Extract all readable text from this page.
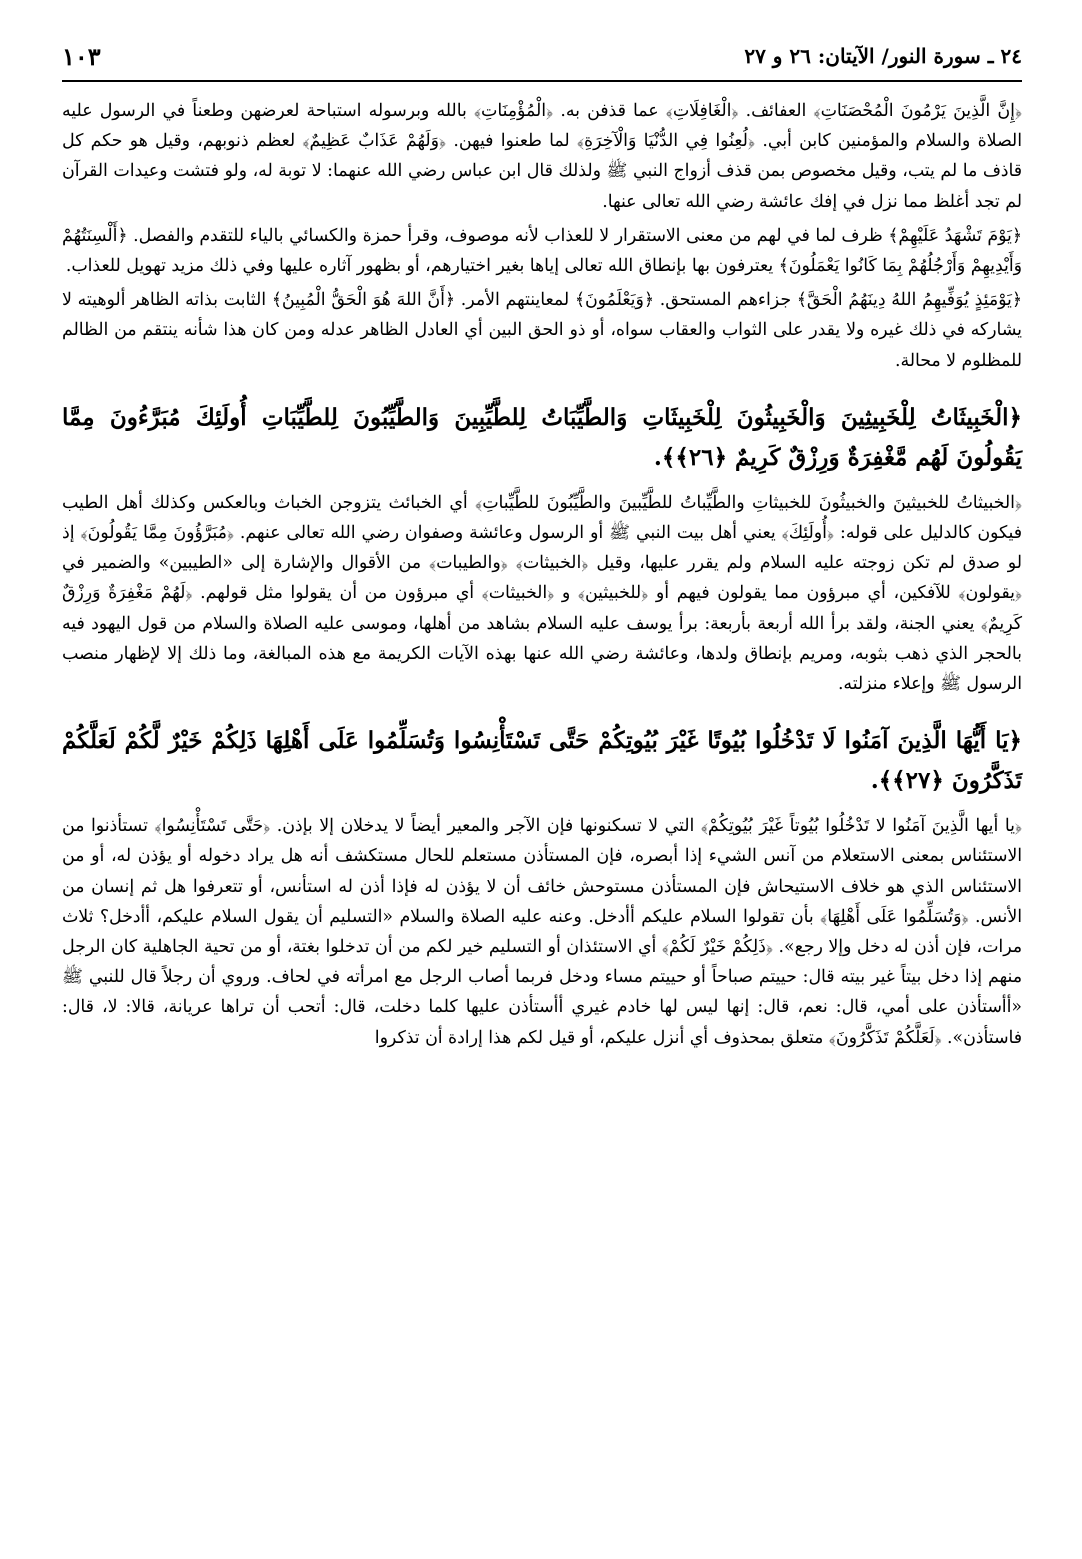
٢٤ ـ سورة النور/ الآيتان: ٢٦ و ٢٧
١٠٣

﴿إِنَّ الَّذِينَ يَرْمُونَ الْمُحْصَنَاتِ﴾ العفائف. ﴿الْغَافِلَاتِ﴾ عما قذفن به. ﴿الْمُؤْمِنَاتِ﴾ بالله وبرسوله استباحة لعرضهن وطعناً في الرسول عليه الصلاة والسلام والمؤمنين كابن أبي. ﴿لُعِنُوا فِي الدُّنْيَا وَالْآخِرَةِ﴾ لما طعنوا فيهن. ﴿وَلَهُمْ عَذَابٌ عَظِيمٌ﴾ لعظم ذنوبهم، وقيل هو حكم كل قاذف ما لم يتب، وقيل مخصوص بمن قذف أزواج النبي ﷺ ولذلك قال ابن عباس رضي الله عنهما: لا توبة له، ولو فتشت وعيدات القرآن لم تجد أغلظ مما نزل في إفك عائشة رضي الله تعالى عنها.

﴿يَوْمَ تَشْهَدُ عَلَيْهِمْ﴾ ظرف لما في لهم من معنى الاستقرار لا للعذاب لأنه موصوف، وقرأ حمزة والكسائي بالياء للتقدم والفصل. ﴿أَلْسِنَتُهُمْ وَأَيْدِيهِمْ وَأَرْجُلُهُمْ بِمَا كَانُوا يَعْمَلُونَ﴾ يعترفون بها بإنطاق الله تعالى إياها بغير اختيارهم، أو بظهور آثاره عليها وفي ذلك مزيد تهويل للعذاب.

﴿يَوْمَئِذٍ يُوَفِّيهِمُ اللهُ دِينَهُمُ الْحَقَّ﴾ جزاءهم المستحق. ﴿وَيَعْلَمُونَ﴾ لمعاينتهم الأمر. ﴿أَنَّ اللهَ هُوَ الْحَقُّ الْمُبِينُ﴾ الثابت بذاته الظاهر ألوهيته لا يشاركه في ذلك غيره ولا يقدر على الثواب والعقاب سواه، أو ذو الحق البين أي العادل الظاهر عدله ومن كان هذا شأنه ينتقم من الظالم للمظلوم لا محالة.

﴿الْخَبِيثَاتُ لِلْخَبِيثِينَ وَالْخَبِيثُونَ لِلْخَبِيثَاتِ وَالطَّيِّبَاتُ لِلطَّيِّبِينَ وَالطَّيِّبُونَ لِلطَّيِّبَاتِ أُولَئِكَ مُبَرَّءُونَ مِمَّا يَقُولُونَ لَهُم مَّغْفِرَةٌ وَرِزْقٌ كَرِيمٌ ﴿٢٦﴾﴾.

﴿الخبيثاتُ للخبيثينَ والخبيثُونَ للخبيثاتِ والطَّيِّباتُ للطَّيِّبينَ والطَّيِّبُونَ للطَّيِّباتِ﴾ أي الخبائث يتزوجن الخباث وبالعكس وكذلك أهل الطيب فيكون كالدليل على قوله: ﴿أُولَئِكَ﴾ يعني أهل بيت النبي ﷺ أو الرسول وعائشة وصفوان رضي الله تعالى عنهم. ﴿مُبَرَّؤُونَ مِمَّا يَقُولُونَ﴾ إذ لو صدق لم تكن زوجته عليه السلام ولم يقرر عليها، وقيل ﴿الخبيثات﴾ ﴿والطيبات﴾ من الأقوال والإشارة إلى «الطيبين» والضمير في ﴿يقولون﴾ للآفكين، أي مبرؤون مما يقولون فيهم أو ﴿للخبيثين﴾ و ﴿الخبيثات﴾ أي مبرؤون من أن يقولوا مثل قولهم. ﴿لَهُمْ مَغْفِرَةٌ وَرِزْقٌ كَرِيمٌ﴾ يعني الجنة، ولقد برأ الله أربعة بأربعة: برأ يوسف عليه السلام بشاهد من أهلها، وموسى عليه الصلاة والسلام من قول اليهود فيه بالحجر الذي ذهب بثوبه، ومريم بإنطاق ولدها، وعائشة رضي الله عنها بهذه الآيات الكريمة مع هذه المبالغة، وما ذلك إلا لإظهار منصب الرسول ﷺ وإعلاء منزلته.

﴿يَا أَيُّهَا الَّذِينَ آمَنُوا لَا تَدْخُلُوا بُيُوتًا غَيْرَ بُيُوتِكُمْ حَتَّى تَسْتَأْنِسُوا وَتُسَلِّمُوا عَلَى أَهْلِهَا ذَلِكُمْ خَيْرٌ لَّكُمْ لَعَلَّكُمْ تَذَكَّرُونَ ﴿٢٧﴾﴾.

﴿يا أيها الَّذِينَ آمَنُوا لا تَدْخُلُوا بُيُوتاً غَيْرَ بُيُوتِكُمْ﴾ التي لا تسكنونها فإن الآجر والمعير أيضاً لا يدخلان إلا بإذن. ﴿حَتَّى تَسْتَأْنِسُوا﴾ تستأذنوا من الاستئناس بمعنى الاستعلام من آنس الشيء إذا أبصره، فإن المستأذن مستعلم للحال مستكشف أنه هل يراد دخوله أو يؤذن له، أو من الاستئناس الذي هو خلاف الاستيحاش فإن المستأذن مستوحش خائف أن لا يؤذن له فإذا أذن له استأنس، أو تتعرفوا هل ثم إنسان من الأنس. ﴿وَتُسَلِّمُوا عَلَى أَهْلِهَا﴾ بأن تقولوا السلام عليكم أأدخل. وعنه عليه الصلاة والسلام «التسليم أن يقول السلام عليكم، أأدخل؟ ثلاث مرات، فإن أذن له دخل وإلا رجع». ﴿ذَلِكُمْ خَيْرٌ لَكُمْ﴾ أي الاستئذان أو التسليم خير لكم من أن تدخلوا بغتة، أو من تحية الجاهلية كان الرجل منهم إذا دخل بيتاً غير بيته قال: حييتم صباحاً أو حييتم مساء ودخل فربما أصاب الرجل مع امرأته في لحاف. وروي أن رجلاً قال للنبي ﷺ «أأستأذن على أمي، قال: نعم، قال: إنها ليس لها خادم غيري أأستأذن عليها كلما دخلت، قال: أتحب أن تراها عريانة، قالا: لا، قال: فاستأذن». ﴿لَعَلَّكُمْ تَذَكَّرُونَ﴾ متعلق بمحذوف أي أنزل عليكم، أو قيل لكم هذا إرادة أن تذكروا
